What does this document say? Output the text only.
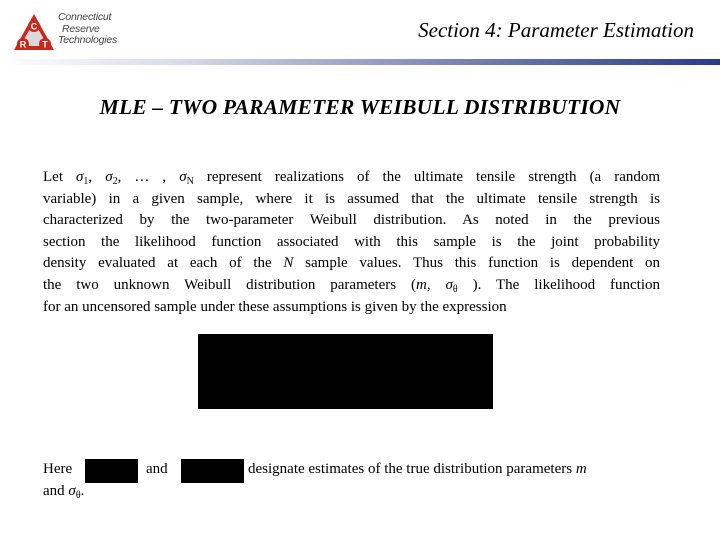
C
R T
Connecticut
Reserve
Technologies	Section 4: Parameter Estimation
MLE – TWO PARAMETER WEIBULL DISTRIBUTION
Let $\sigma_1$, $\sigma_2$, … , $\sigma_N$ represent realizations of the ultimate tensile strength (a random
variable) in a given sample, where it is assumed that the ultimate tensile strength is
characterized by the two-parameter Weibull distribution. As noted in the previous
section the likelihood function associated with this sample is the joint probability
density evaluated at each of the N sample values. Thus this function is dependent on
the two unknown Weibull distribution parameters (m, $\sigma_\theta$ ). The likelihood function
for an uncensored sample under these assumptions is given by the expression
Here	and	designate estimates of the true distribution parameters m
and $\sigma_\theta$.
